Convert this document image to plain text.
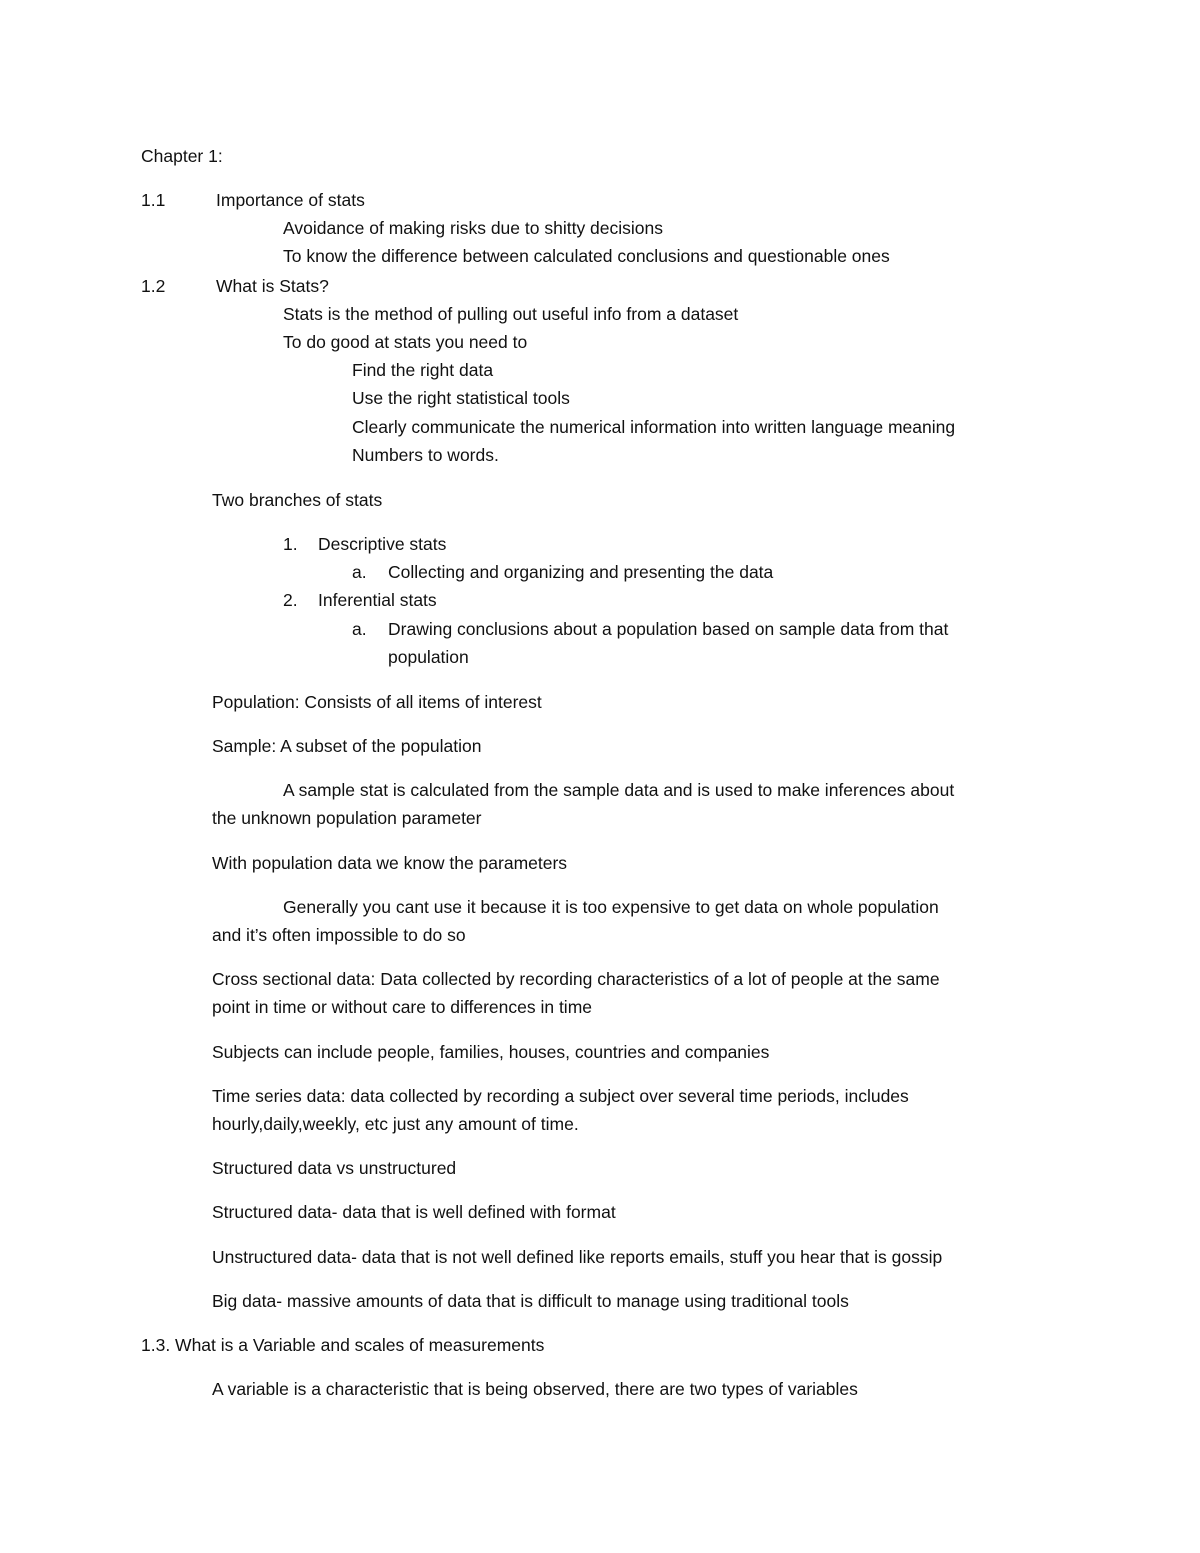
Chapter 1:
1.1	Importance of stats
Avoidance of making risks due to shitty decisions
To know the difference between calculated conclusions and questionable ones
1.2	What is Stats?
Stats is the method of pulling out useful info from a dataset
To do good at stats you need to
Find the right data
Use the right statistical tools
Clearly communicate the numerical information into written language meaning
Numbers to words.
Two branches of stats
1. Descriptive stats
a. Collecting and organizing and presenting the data
2. Inferential stats
a. Drawing conclusions about a population based on sample data from that
population
Population: Consists of all items of interest
Sample: A subset of the population
A sample stat is calculated from the sample data and is used to make inferences about
the unknown population parameter
With population data we know the parameters
Generally you cant use it because it is too expensive to get data on whole population
and it’s often impossible to do so
Cross sectional data: Data collected by recording characteristics of a lot of people at the same
point in time or without care to differences in time
Subjects can include people, families, houses, countries and companies
Time series data: data collected by recording a subject over several time periods, includes
hourly,daily,weekly, etc just any amount of time.
Structured data vs unstructured
Structured data- data that is well defined with format
Unstructured data- data that is not well defined like reports emails, stuff you hear that is gossip
Big data- massive amounts of data that is difficult to manage using traditional tools
1.3. What is a Variable and scales of measurements
A variable is a characteristic that is being observed, there are two types of variables
